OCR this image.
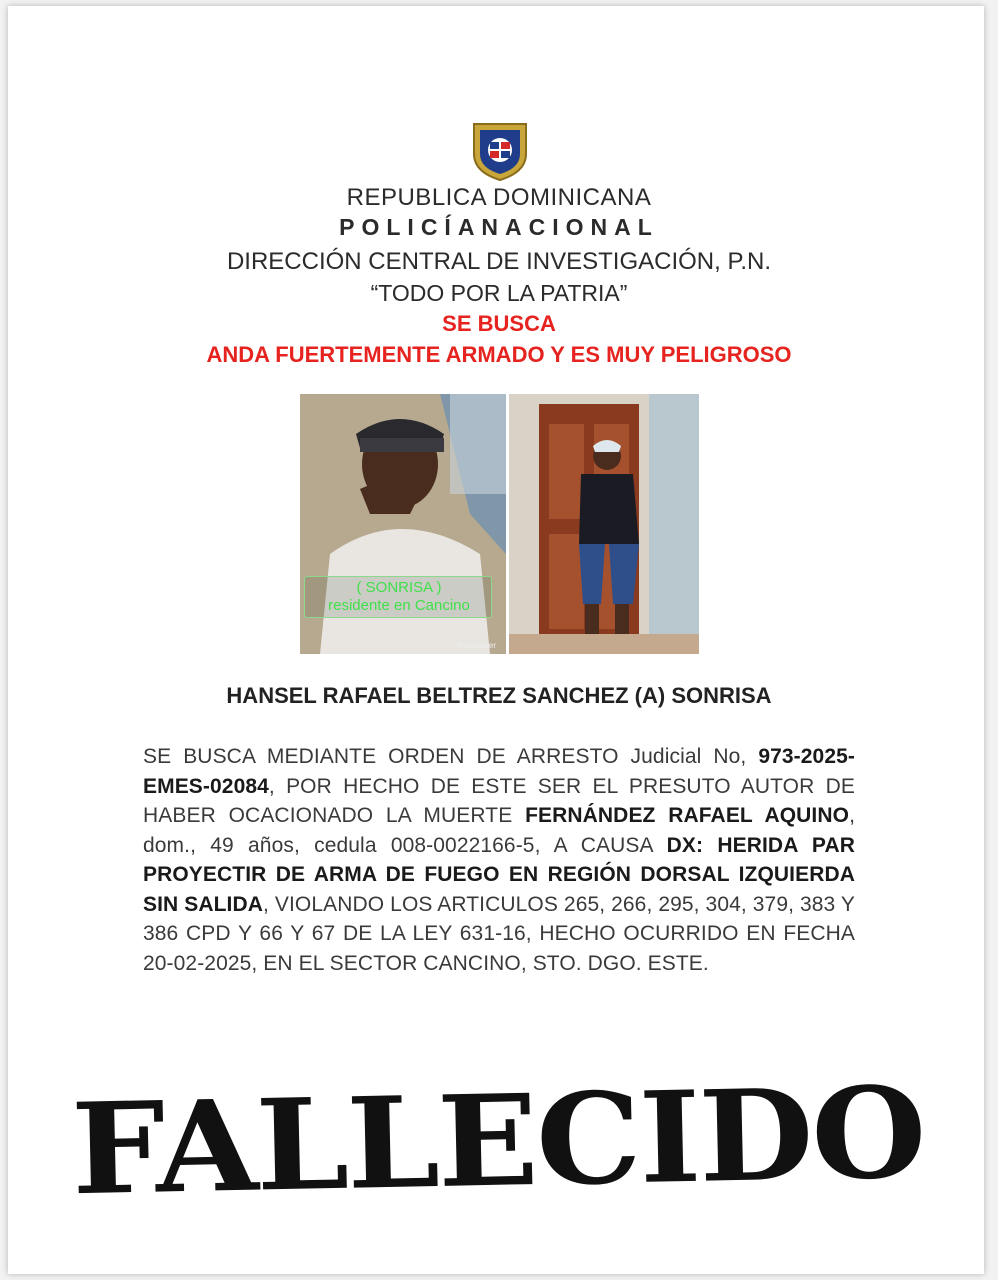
REPUBLICA DOMINICANA
POLICÍANACIONAL
DIRECCIÓN CENTRAL DE INVESTIGACIÓN, P.N.
“TODO POR LA PATRIA”
SE BUSCA
ANDA FUERTEMENTE ARMADO Y ES MUY PELIGROSO
( SONRISA )
residente en Cancino
Responder
HANSEL RAFAEL BELTREZ SANCHEZ (A) SONRISA
SE BUSCA MEDIANTE ORDEN DE ARRESTO Judicial No, 973-2025-EMES-02084, POR HECHO DE ESTE SER EL PRESUTO AUTOR DE HABER OCACIONADO LA MUERTE FERNÁNDEZ RAFAEL AQUINO, dom., 49 años, cedula 008-0022166-5, A CAUSA DX: HERIDA PAR PROYECTIR DE ARMA DE FUEGO EN REGIÓN DORSAL IZQUIERDA SIN SALIDA, VIOLANDO LOS ARTICULOS 265, 266, 295, 304, 379, 383 Y 386 CPD Y 66 Y 67 DE LA LEY 631-16, HECHO OCURRIDO EN FECHA 20-02-2025, EN EL SECTOR CANCINO, STO. DGO. ESTE.
FALLECIDO
